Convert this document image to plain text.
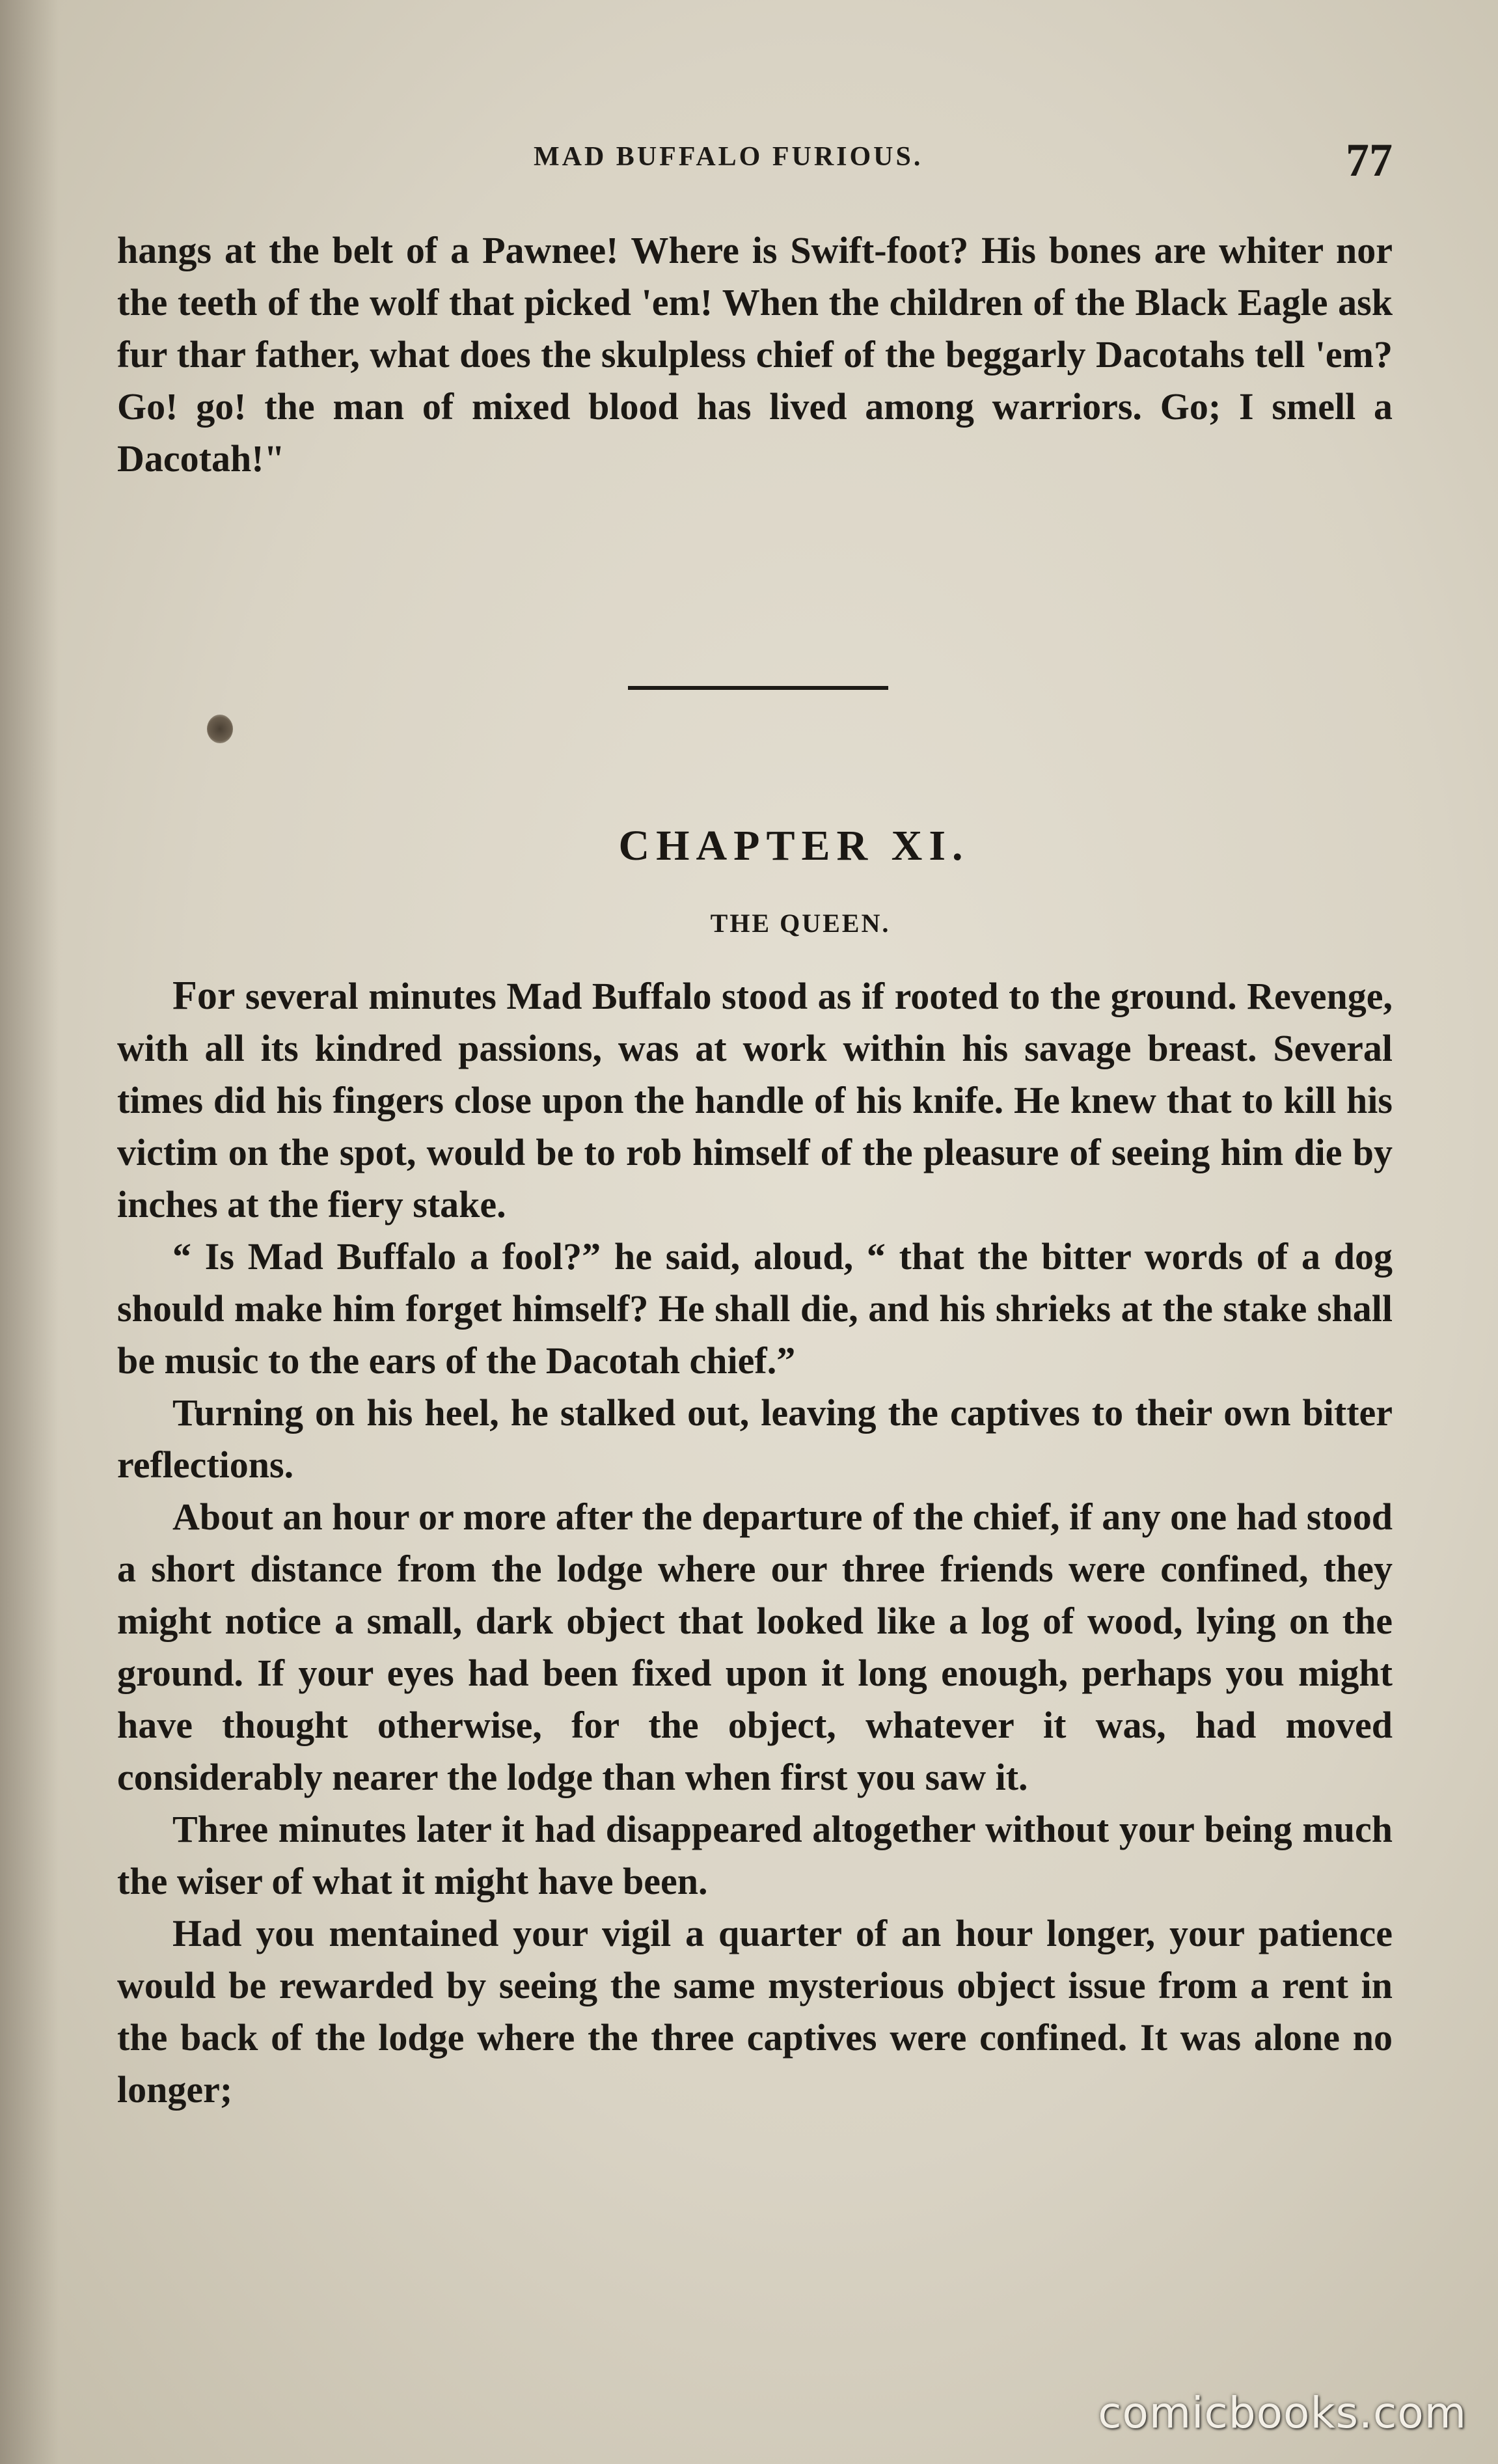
MAD BUFFALO FURIOUS.	77

hangs at the belt of a Pawnee! Where is Swift-foot? His bones are whiter nor the teeth of the wolf that picked 'em! When the children of the Black Eagle ask fur thar father, what does the skulpless chief of the beggarly Dacotahs tell 'em? Go! go! the man of mixed blood has lived among warriors. Go; I smell a Dacotah!"

CHAPTER XI.
THE QUEEN.

For several minutes Mad Buffalo stood as if rooted to the ground. Revenge, with all its kindred passions, was at work within his savage breast. Several times did his fingers close upon the handle of his knife. He knew that to kill his victim on the spot, would be to rob himself of the pleasure of seeing him die by inches at the fiery stake.

“ Is Mad Buffalo a fool?” he said, aloud, “ that the bitter words of a dog should make him forget himself? He shall die, and his shrieks at the stake shall be music to the ears of the Dacotah chief.”

Turning on his heel, he stalked out, leaving the captives to their own bitter reflections.

About an hour or more after the departure of the chief, if any one had stood a short distance from the lodge where our three friends were confined, they might notice a small, dark object that looked like a log of wood, lying on the ground. If your eyes had been fixed upon it long enough, perhaps you might have thought otherwise, for the object, whatever it was, had moved considerably nearer the lodge than when first you saw it.

Three minutes later it had disappeared altogether without your being much the wiser of what it might have been.

Had you mentained your vigil a quarter of an hour longer, your patience would be rewarded by seeing the same mysterious object issue from a rent in the back of the lodge where the three captives were confined. It was alone no longer;

comicbooks.com
